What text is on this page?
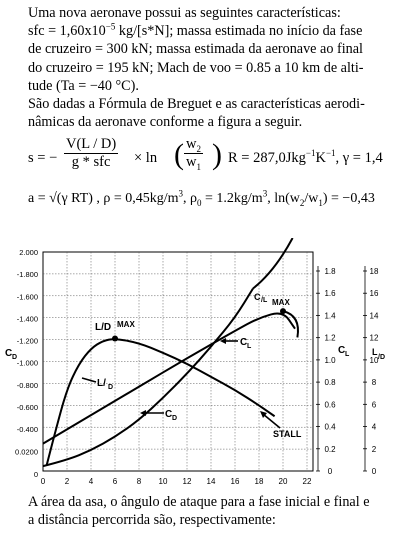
Uma nova aeronave possui as seguintes características:
sfc = $1,60x10^{-5}$ kg/[s*N]; massa estimada no início da fase
de cruzeiro = 300 kN; massa estimada da aeronave ao final
do cruzeiro = 195 kN; Mach de voo = 0.85 a 10 km de alti-
tude (Ta = −40 °C).
São dadas a Fórmula de Breguet e as características aerodi-
nâmicas da aeronave conforme a figura a seguir.
s = −
V(L / D)
g * sfc	× ln ( $\frac{w_2}{w_1}$ ) $R = 287,0Jkg^{-1}K^{-1}$, γ = 1,4
a = √(γ RT) , $\rho = 0,45kg/m^3$, $\rho_0 = 1.2kg/m^3$, $\ln(w_2/w_1) = -0,43$
0 2 4 6 8 10 12 14 16 18 20 22
0
0.0200
-0.400
-0.600
-0.800
-1.000
-1.200
-1.400
-1.600
-1.800
2.000
0
0.2
0.4
0.6
0.8
1.0
1.2
1.4
1.6
1.8
0
2
4
6
8
10
12
14
16
18
C D
C L	L
/D
L/D MAX
L/ D
C D
C L
C /L MAX
STALL
A área da asa, o ângulo de ataque para a fase inicial e final e
a distância percorrida são, respectivamente:
